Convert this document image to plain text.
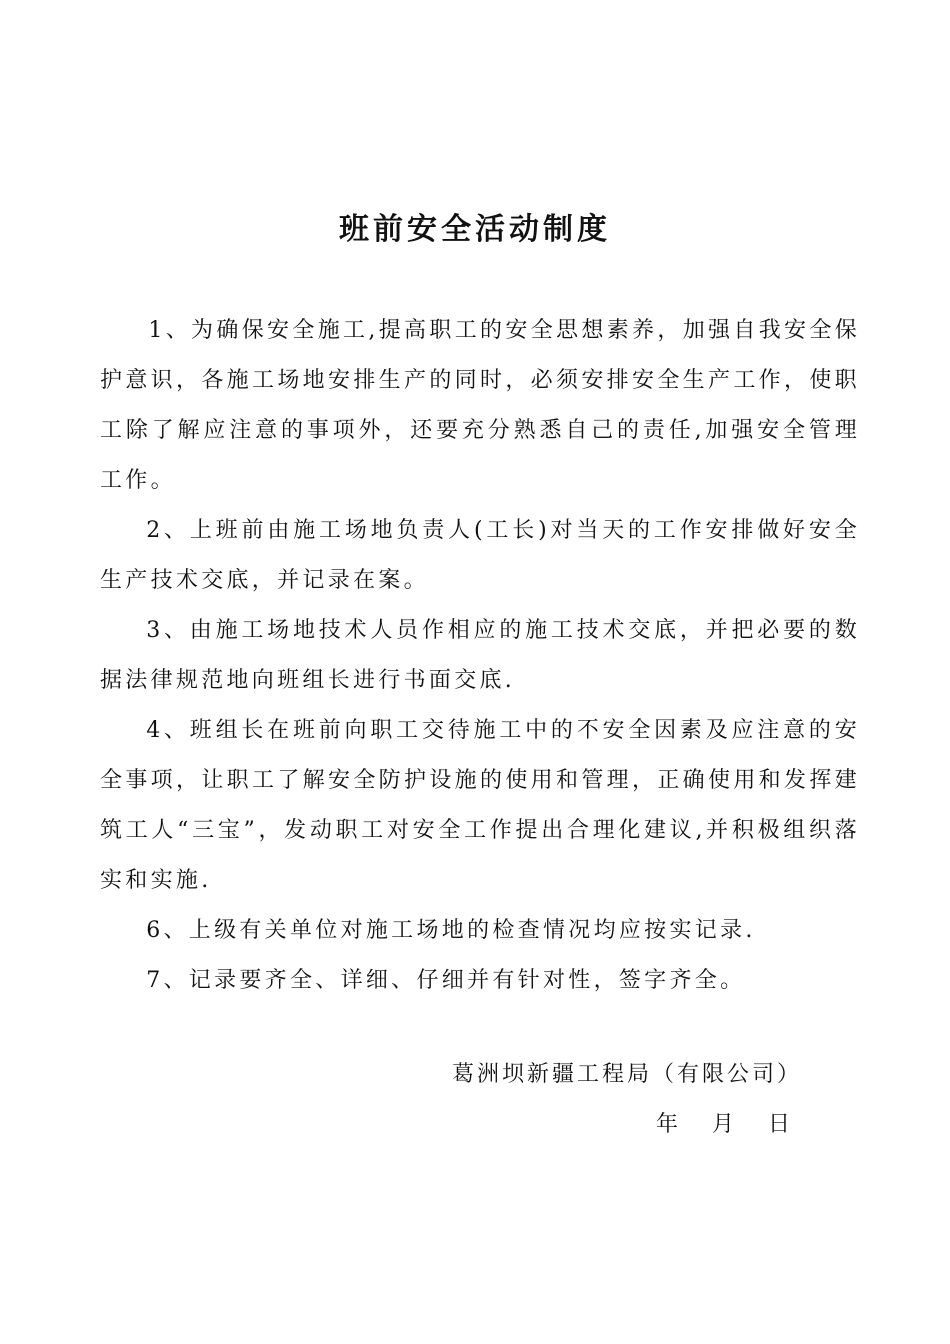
班前安全活动制度

1、为确保安全施工,提高职工的安全思想素养，加强自我安全保护意识，各施工场地安排生产的同时，必须安排安全生产工作，使职工除了解应注意的事项外，还要充分熟悉自己的责任,加强安全管理工作。

2、上班前由施工场地负责人(工长)对当天的工作安排做好安全生产技术交底，并记录在案。

3、由施工场地技术人员作相应的施工技术交底，并把必要的数据法律规范地向班组长进行书面交底.

4、班组长在班前向职工交待施工中的不安全因素及应注意的安全事项，让职工了解安全防护设施的使用和管理，正确使用和发挥建筑工人“三宝”，发动职工对安全工作提出合理化建议,并积极组织落实和实施.

6、上级有关单位对施工场地的检查情况均应按实记录.

7、记录要齐全、详细、仔细并有针对性，签字齐全。

葛洲坝新疆工程局（有限公司）

年 月 日
